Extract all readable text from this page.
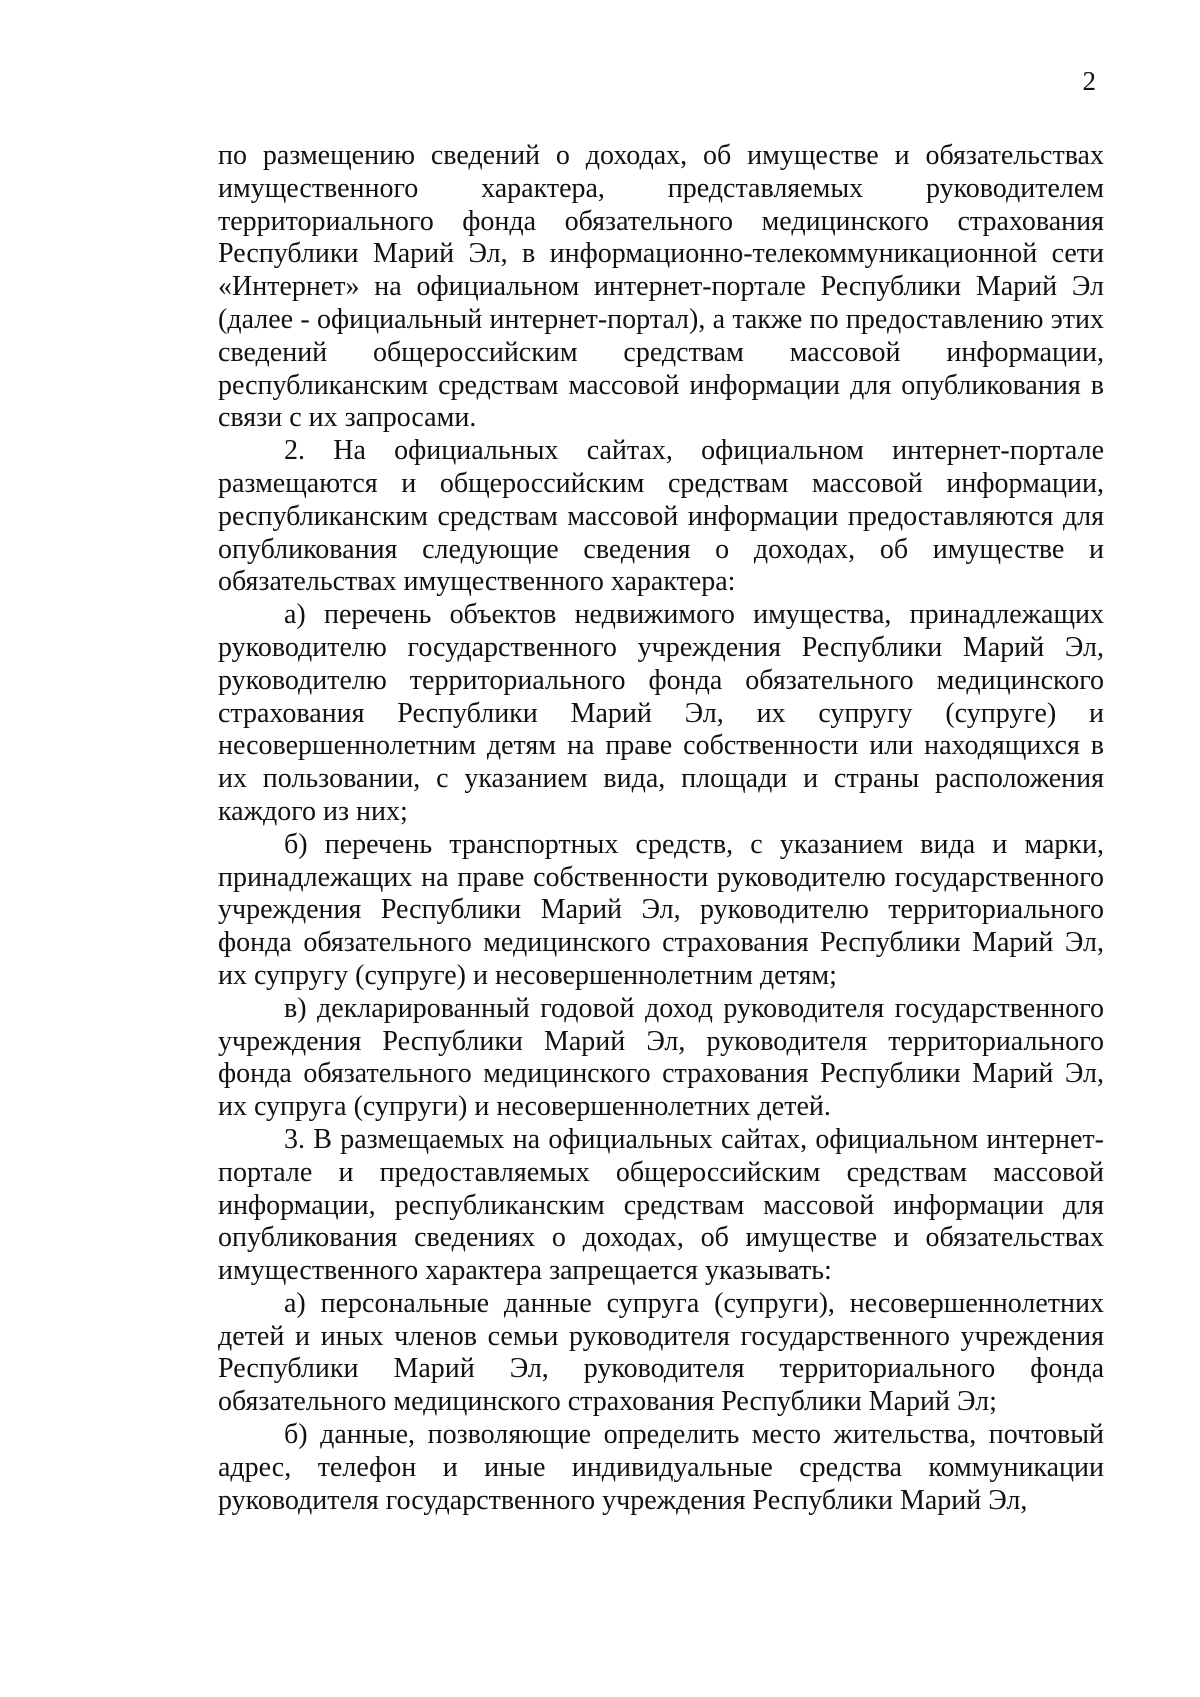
2

по размещению сведений о доходах, об имуществе и обязательствах имущественного характера, представляемых руководителем территориального фонда обязательного медицинского страхования Республики Марий Эл, в информационно-телекоммуникационной сети «Интернет» на официальном интернет-портале Республики Марий Эл (далее - официальный интернет-портал), а также по предоставлению этих сведений общероссийским средствам массовой информации, республиканским средствам массовой информации для опубликования в связи с их запросами.

2. На официальных сайтах, официальном интернет-портале размещаются и общероссийским средствам массовой информации, республиканским средствам массовой информации предоставляются для опубликования следующие сведения о доходах, об имуществе и обязательствах имущественного характера:

а) перечень объектов недвижимого имущества, принадлежащих руководителю государственного учреждения Республики Марий Эл, руководителю территориального фонда обязательного медицинского страхования Республики Марий Эл, их супругу (супруге) и несовершеннолетним детям на праве собственности или находящихся в их пользовании, с указанием вида, площади и страны расположения каждого из них;

б) перечень транспортных средств, с указанием вида и марки, принадлежащих на праве собственности руководителю государственного учреждения Республики Марий Эл, руководителю территориального фонда обязательного медицинского страхования Республики Марий Эл, их супругу (супруге) и несовершеннолетним детям;

в) декларированный годовой доход руководителя государственного учреждения Республики Марий Эл, руководителя территориального фонда обязательного медицинского страхования Республики Марий Эл, их супруга (супруги) и несовершеннолетних детей.

3. В размещаемых на официальных сайтах, официальном интернет-портале и предоставляемых общероссийским средствам массовой информации, республиканским средствам массовой информации для опубликования сведениях о доходах, об имуществе и обязательствах имущественного характера запрещается указывать:

а) персональные данные супруга (супруги), несовершеннолетних детей и иных членов семьи руководителя государственного учреждения Республики Марий Эл, руководителя территориального фонда обязательного медицинского страхования Республики Марий Эл;

б) данные, позволяющие определить место жительства, почтовый адрес, телефон и иные индивидуальные средства коммуникации руководителя государственного учреждения Республики Марий Эл,
